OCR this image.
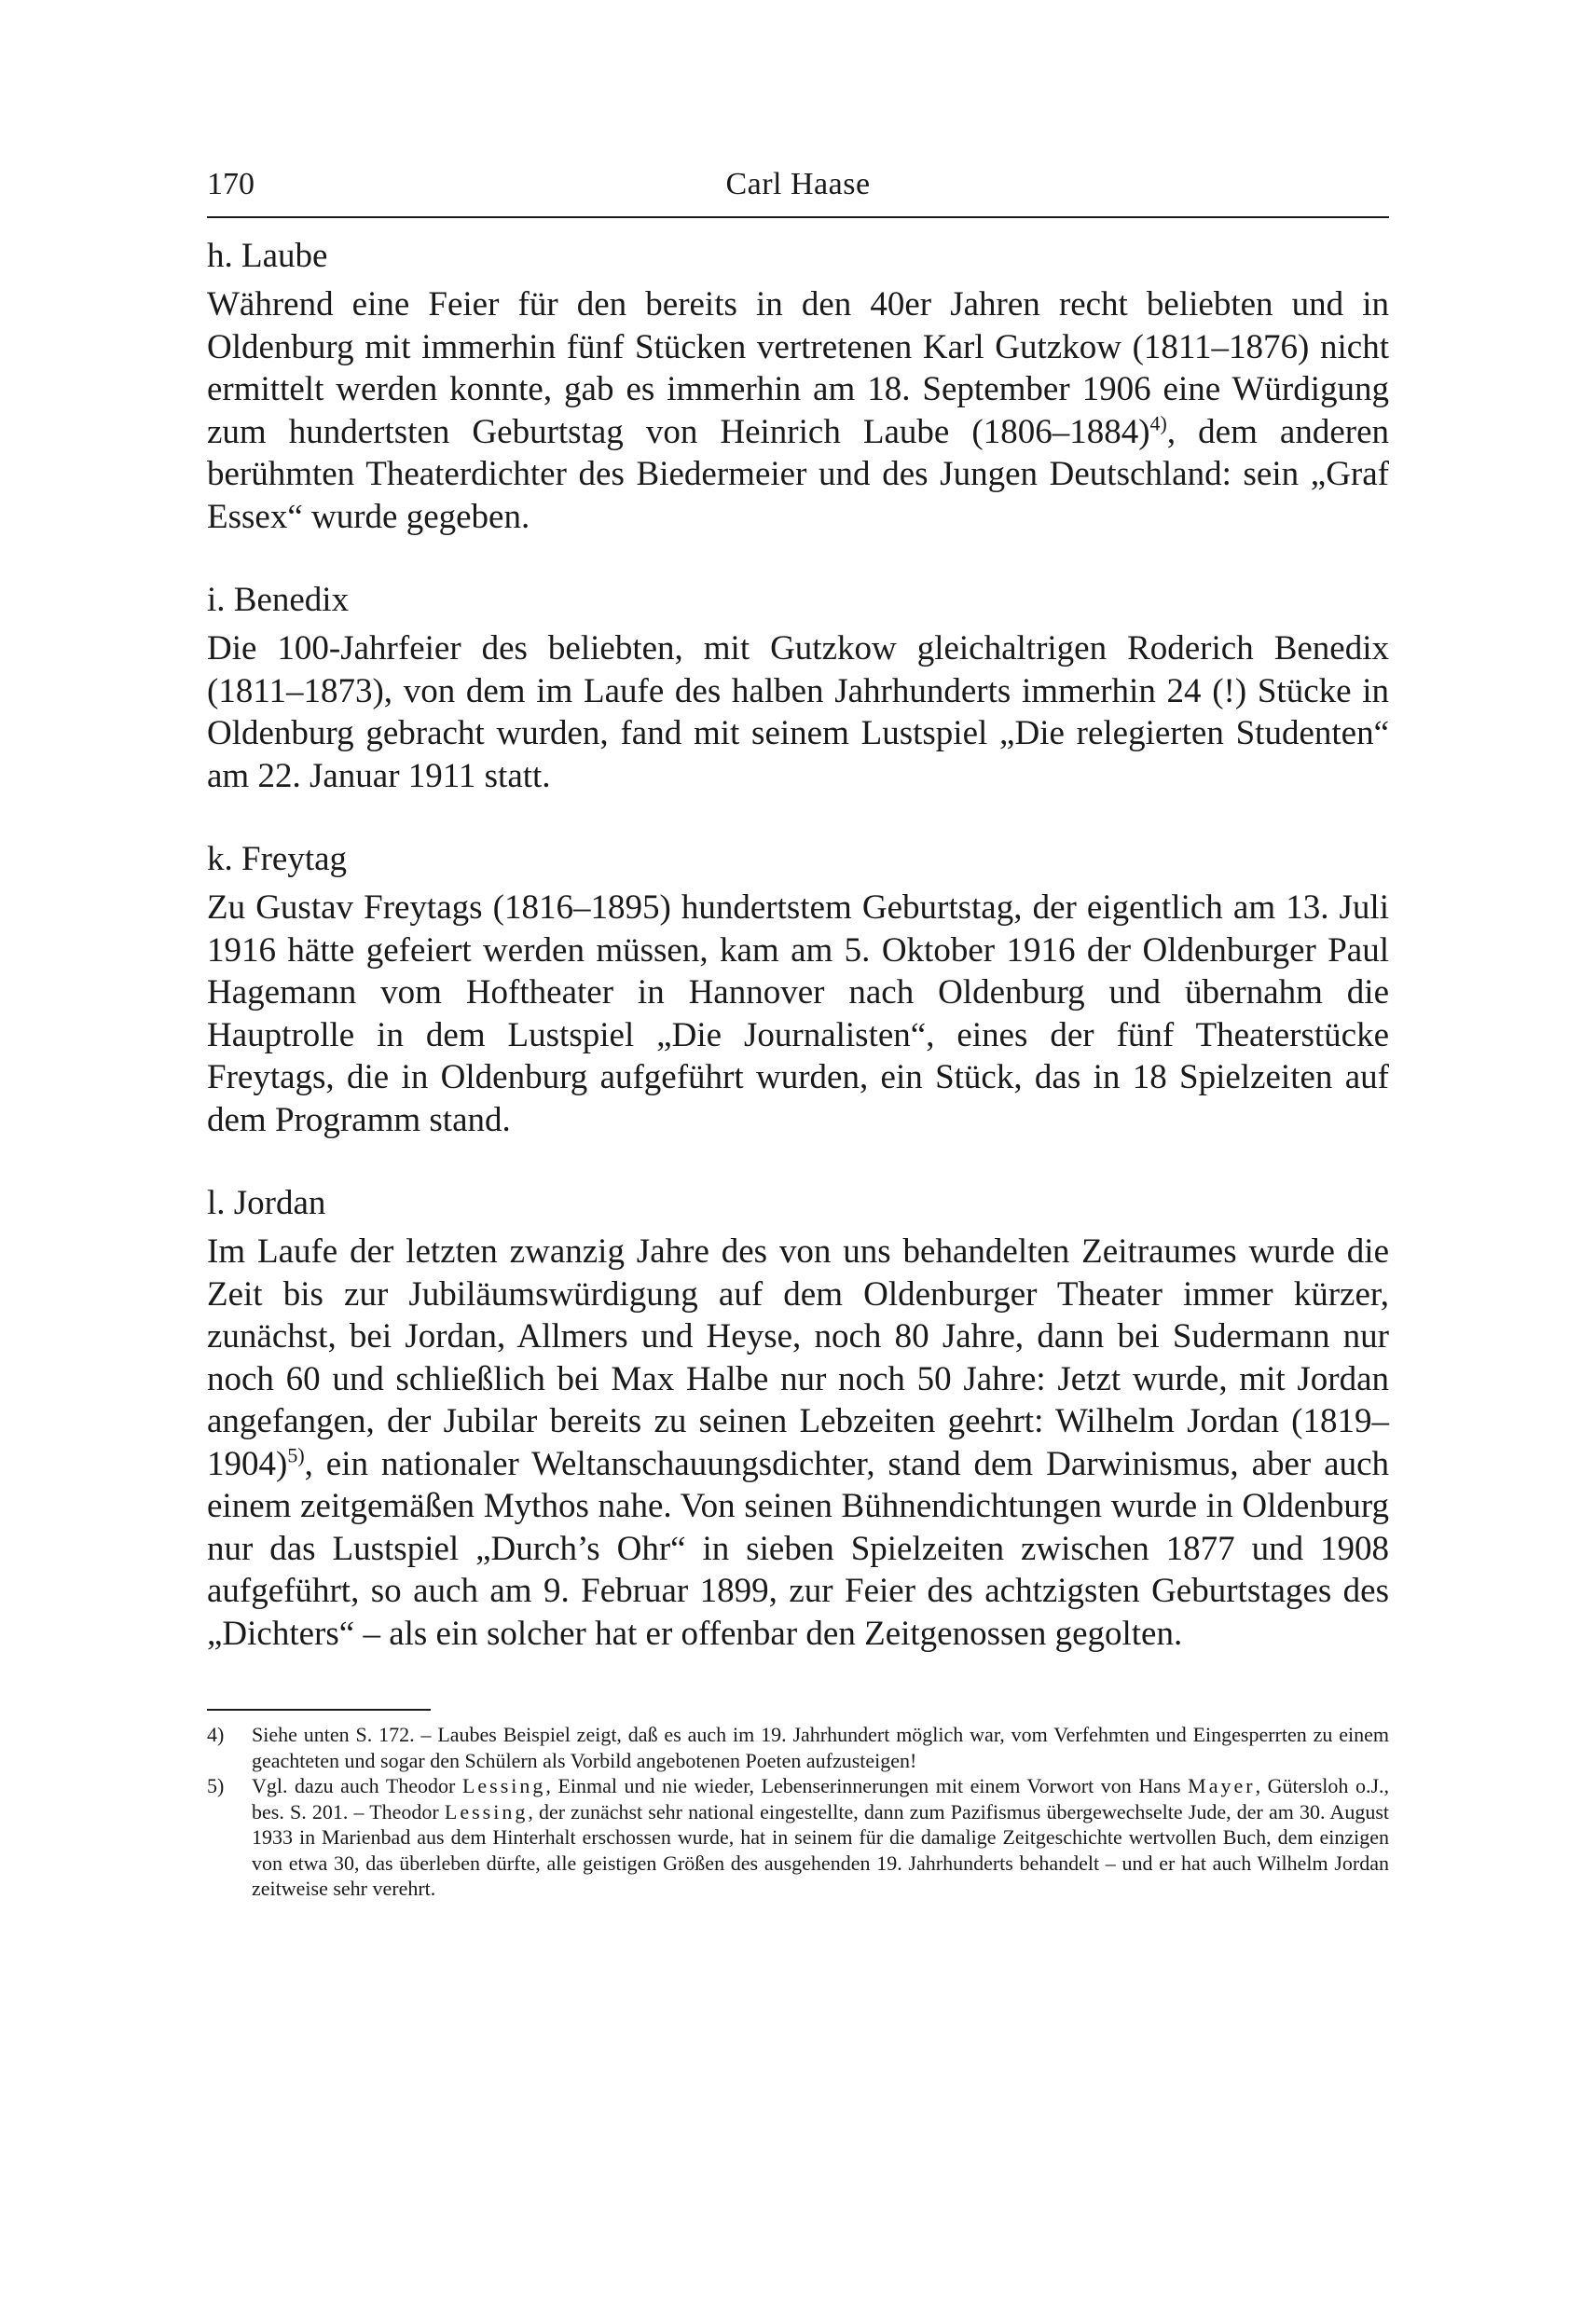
170	Carl Haase
h. Laube

Während eine Feier für den bereits in den 40er Jahren recht beliebten und in Oldenburg mit immerhin fünf Stücken vertretenen Karl Gutzkow (1811–1876) nicht ermittelt werden konnte, gab es immerhin am 18. September 1906 eine Würdigung zum hundertsten Geburtstag von Heinrich Laube (1806–1884)$^{4)}$, dem anderen berühmten Theaterdichter des Biedermeier und des Jungen Deutschland: sein „Graf Essex“ wurde gegeben.

i. Benedix

Die 100-Jahrfeier des beliebten, mit Gutzkow gleichaltrigen Roderich Benedix (1811–1873), von dem im Laufe des halben Jahrhunderts immerhin 24 (!) Stücke in Oldenburg gebracht wurden, fand mit seinem Lustspiel „Die relegierten Studenten“ am 22. Januar 1911 statt.

k. Freytag

Zu Gustav Freytags (1816–1895) hundertstem Geburtstag, der eigentlich am 13. Juli 1916 hätte gefeiert werden müssen, kam am 5. Oktober 1916 der Oldenburger Paul Hagemann vom Hoftheater in Hannover nach Oldenburg und übernahm die Hauptrolle in dem Lustspiel „Die Journalisten“, eines der fünf Theaterstücke Freytags, die in Oldenburg aufgeführt wurden, ein Stück, das in 18 Spielzeiten auf dem Programm stand.

l. Jordan

Im Laufe der letzten zwanzig Jahre des von uns behandelten Zeitraumes wurde die Zeit bis zur Jubiläumswürdigung auf dem Oldenburger Theater immer kürzer, zunächst, bei Jordan, Allmers und Heyse, noch 80 Jahre, dann bei Sudermann nur noch 60 und schließlich bei Max Halbe nur noch 50 Jahre: Jetzt wurde, mit Jordan angefangen, der Jubilar bereits zu seinen Lebzeiten geehrt: Wilhelm Jordan (1819–1904)$^{5)}$, ein nationaler Weltanschauungsdichter, stand dem Darwinismus, aber auch einem zeitgemäßen Mythos nahe. Von seinen Bühnendichtungen wurde in Oldenburg nur das Lustspiel „Durch’s Ohr“ in sieben Spielzeiten zwischen 1877 und 1908 aufgeführt, so auch am 9. Februar 1899, zur Feier des achtzigsten Geburtstages des „Dichters“ – als ein solcher hat er offenbar den Zeitgenossen gegolten.

4) Siehe unten S. 172. – Laubes Beispiel zeigt, daß es auch im 19. Jahrhundert möglich war, vom Verfehmten und Eingesperrten zu einem geachteten und sogar den Schülern als Vorbild angebotenen Poeten aufzusteigen!

5) Vgl. dazu auch Theodor Lessing, Einmal und nie wieder, Lebenserinnerungen mit einem Vorwort von Hans Mayer, Gütersloh o.J., bes. S. 201. – Theodor Lessing, der zunächst sehr national eingestellte, dann zum Pazifismus übergewechselte Jude, der am 30. August 1933 in Marienbad aus dem Hinterhalt erschossen wurde, hat in seinem für die damalige Zeitgeschichte wertvollen Buch, dem einzigen von etwa 30, das überleben dürfte, alle geistigen Größen des ausgehenden 19. Jahrhunderts behandelt – und er hat auch Wilhelm Jordan zeitweise sehr verehrt.
